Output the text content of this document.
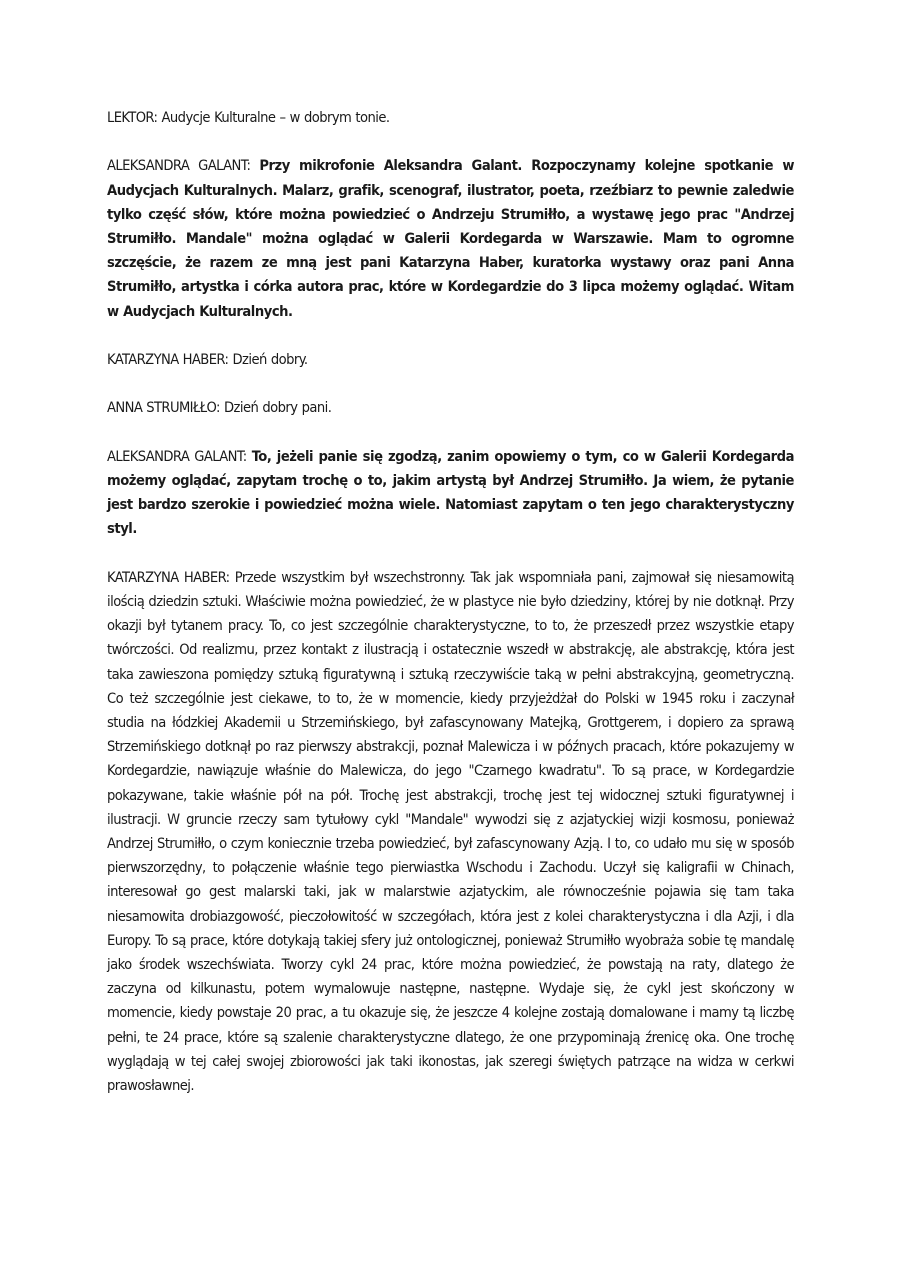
LEKTOR: Audycje Kulturalne – w dobrym tonie.

ALEKSANDRA GALANT: Przy mikrofonie Aleksandra Galant. Rozpoczynamy kolejne spotkanie w Audycjach Kulturalnych. Malarz, grafik, scenograf, ilustrator, poeta, rzeźbiarz to pewnie zaledwie tylko część słów, które można powiedzieć o Andrzeju Strumiłło, a wystawę jego prac "Andrzej Strumiłło. Mandale" można oglądać w Galerii Kordegarda w Warszawie. Mam to ogromne szczęście, że razem ze mną jest pani Katarzyna Haber, kuratorka wystawy oraz pani Anna Strumiłło, artystka i córka autora prac, które w Kordegardzie do 3 lipca możemy oglądać. Witam w Audycjach Kulturalnych.

KATARZYNA HABER: Dzień dobry.

ANNA STRUMIŁŁO: Dzień dobry pani.

ALEKSANDRA GALANT: To, jeżeli panie się zgodzą, zanim opowiemy o tym, co w Galerii Kordegarda możemy oglądać, zapytam trochę o to, jakim artystą był Andrzej Strumiłło. Ja wiem, że pytanie jest bardzo szerokie i powiedzieć można wiele. Natomiast zapytam o ten jego charakterystyczny styl.

KATARZYNA HABER: Przede wszystkim był wszechstronny. Tak jak wspomniała pani, zajmował się niesamowitą ilością dziedzin sztuki. Właściwie można powiedzieć, że w plastyce nie było dziedziny, której by nie dotknął. Przy okazji był tytanem pracy. To, co jest szczególnie charakterystyczne, to to, że przeszedł przez wszystkie etapy twórczości. Od realizmu, przez kontakt z ilustracją i ostatecznie wszedł w abstrakcję, ale abstrakcję, która jest taka zawieszona pomiędzy sztuką figuratywną i sztuką rzeczywiście taką w pełni abstrakcyjną, geometryczną. Co też szczególnie jest ciekawe, to to, że w momencie, kiedy przyjeżdżał do Polski w 1945 roku i zaczynał studia na łódzkiej Akademii u Strzemińskiego, był zafascynowany Matejką, Grottgerem, i dopiero za sprawą Strzemińskiego dotknął po raz pierwszy abstrakcji, poznał Malewicza i w późnych pracach, które pokazujemy w Kordegardzie, nawiązuje właśnie do Malewicza, do jego "Czarnego kwadratu". To są prace, w Kordegardzie pokazywane, takie właśnie pół na pół. Trochę jest abstrakcji, trochę jest tej widocznej sztuki figuratywnej i ilustracji. W gruncie rzeczy sam tytułowy cykl "Mandale" wywodzi się z azjatyckiej wizji kosmosu, ponieważ Andrzej Strumiłło, o czym koniecznie trzeba powiedzieć, był zafascynowany Azją. I to, co udało mu się w sposób pierwszorzędny, to połączenie właśnie tego pierwiastka Wschodu i Zachodu. Uczył się kaligrafii w Chinach, interesował go gest malarski taki, jak w malarstwie azjatyckim, ale równocześnie pojawia się tam taka niesamowita drobiazgowość, pieczołowitość w szczegółach, która jest z kolei charakterystyczna i dla Azji, i dla Europy. To są prace, które dotykają takiej sfery już ontologicznej, ponieważ Strumiłło wyobraża sobie tę mandalę jako środek wszechświata. Tworzy cykl 24 prac, które można powiedzieć, że powstają na raty, dlatego że zaczyna od kilkunastu, potem wymalowuje następne, następne. Wydaje się, że cykl jest skończony w momencie, kiedy powstaje 20 prac, a tu okazuje się, że jeszcze 4 kolejne zostają domalowane i mamy tą liczbę pełni, te 24 prace, które są szalenie charakterystyczne dlatego, że one przypominają źrenicę oka. One trochę wyglądają w tej całej swojej zbiorowości jak taki ikonostas, jak szeregi świętych patrzące na widza w cerkwi prawosławnej.
